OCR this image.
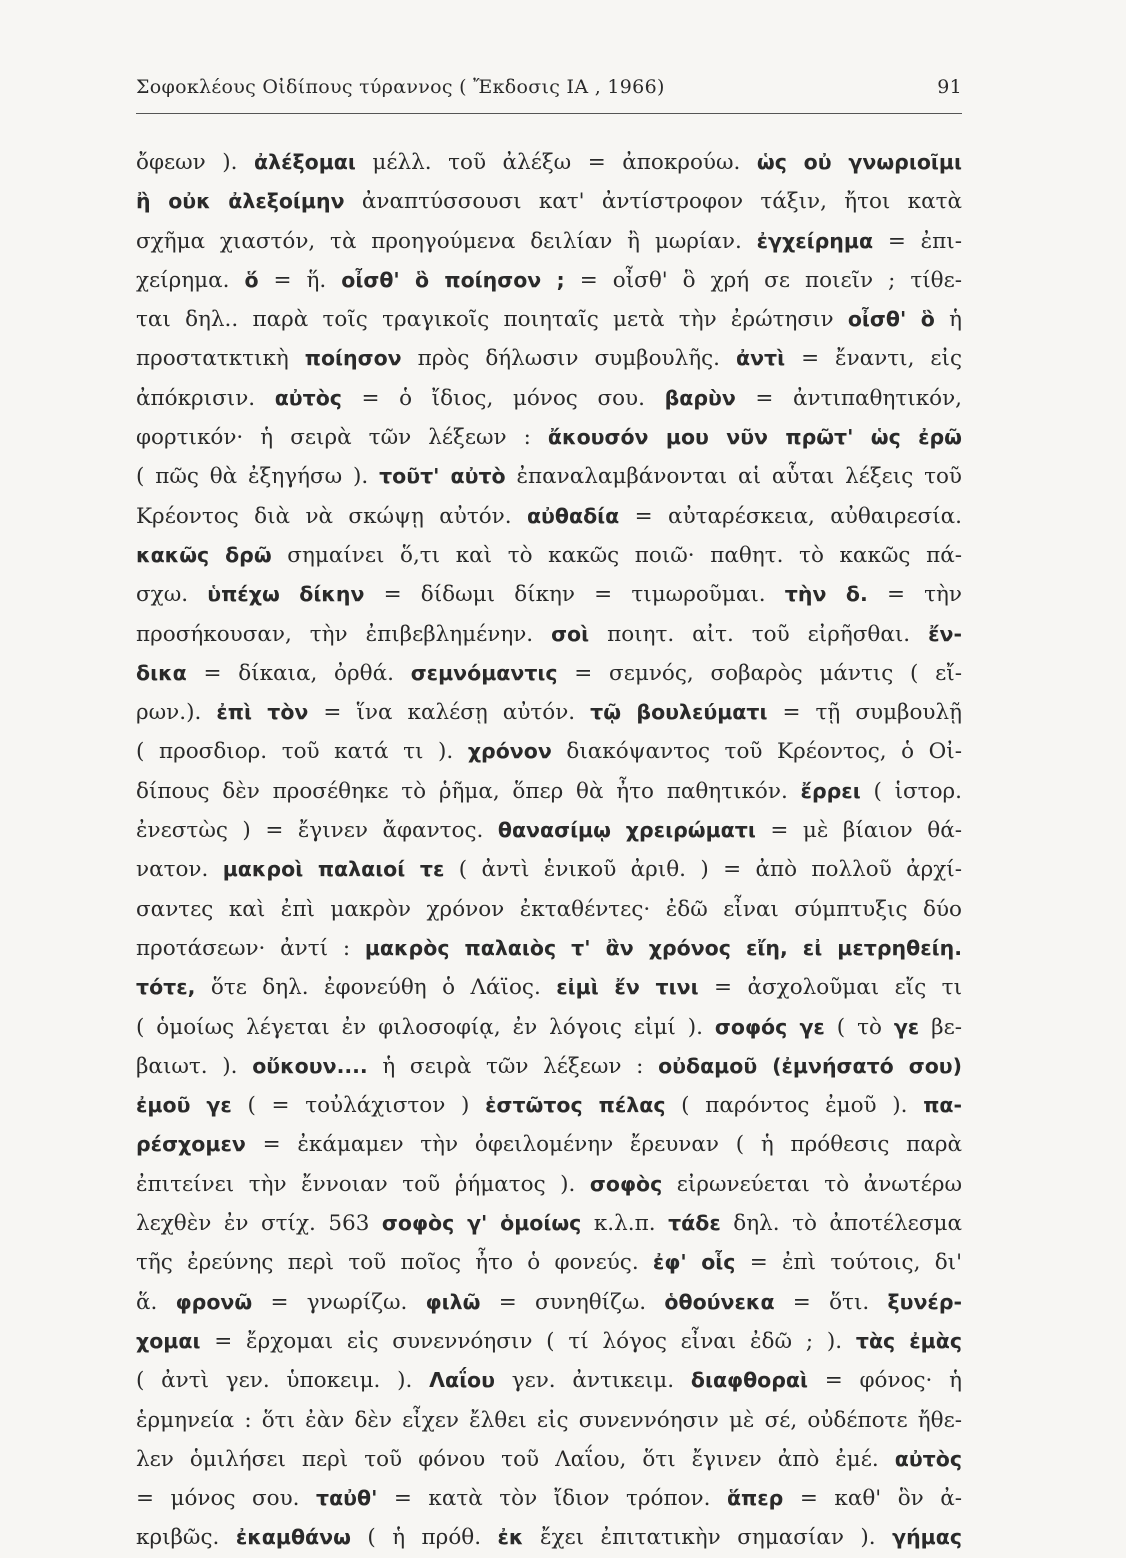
Σοφοκλέους Οἰδίπους τύραννος ( Ἔκδοσις ΙΑ , 1966)	91
ὄφεων ). ἀλέξομαι μέλλ. τοῦ ἀλέξω = ἀποκρούω. ὡς οὐ γνωριοῖμι
ἢ οὐκ ἀλεξοίμην ἀναπτύσσουσι κατ' ἀντίστροφον τάξιν, ἤτοι κατὰ
σχῆμα χιαστόν, τὰ προηγούμενα δειλίαν ἢ μωρίαν. ἐγχείρημα = ἐπι-
χείρημα. ὅ = ἥ. οἶσθ' ὃ ποίησον ; = οἶσθ' ὃ χρή σε ποιεῖν ; τίθε-
ται δηλ.. παρὰ τοῖς τραγικοῖς ποιηταῖς μετὰ τὴν ἐρώτησιν οἶσθ' ὃ ἡ
προστατκτικὴ ποίησον πρὸς δήλωσιν συμβουλῆς. ἀντὶ = ἔναντι, εἰς
ἀπόκρισιν. αὐτὸς = ὁ ἴδιος, μόνος σου. βαρὺν = ἀντιπαθητικόν,
φορτικόν· ἡ σειρὰ τῶν λέξεων : ἄκουσόν μου νῦν πρῶτ' ὡς ἐρῶ
( πῶς θὰ ἐξηγήσω ). τοῦτ' αὐτὸ ἐπαναλαμβάνονται αἱ αὗται λέξεις τοῦ
Κρέοντος διὰ νὰ σκώψῃ αὐτόν. αὐθαδία = αὐταρέσκεια, αὐθαιρεσία.
κακῶς δρῶ σημαίνει ὅ,τι καὶ τὸ κακῶς ποιῶ· παθητ. τὸ κακῶς πά-
σχω. ὑπέχω δίκην = δίδωμι δίκην = τιμωροῦμαι. τὴν δ. = τὴν
προσήκουσαν, τὴν ἐπιβεβλημένην. σοὶ ποιητ. αἰτ. τοῦ εἰρῆσθαι. ἔν-
δικα = δίκαια, ὀρθά. σεμνόμαντις = σεμνός, σοβαρὸς μάντις ( εἴ-
ρων.). ἐπὶ τὸν = ἵνα καλέσῃ αὐτόν. τῷ βουλεύματι = τῇ συμβουλῇ
( προσδιορ. τοῦ κατά τι ). χρόνον διακόψαντος τοῦ Κρέοντος, ὁ Οἰ-
δίπους δὲν προσέθηκε τὸ ῥῆμα, ὅπερ θὰ ἦτο παθητικόν. ἔρρει ( ἱστορ.
ἐνεστὼς ) = ἔγινεν ἄφαντος. θανασίμῳ χρειρώματι = μὲ βίαιον θά-
νατον. μακροὶ παλαιοί τε ( ἀντὶ ἑνικοῦ ἀριθ. ) = ἀπὸ πολλοῦ ἀρχί-
σαντες καὶ ἐπὶ μακρὸν χρόνον ἐκταθέντες· ἐδῶ εἶναι σύμπτυξις δύο
προτάσεων· ἀντί : μακρὸς παλαιὸς τ' ἂν χρόνος εἴη, εἰ μετρηθείη.
τότε, ὅτε δηλ. ἐφονεύθη ὁ Λάϊος. εἰμὶ ἔν τινι = ἀσχολοῦμαι εἴς τι
( ὁμοίως λέγεται ἐν φιλοσοφίᾳ, ἐν λόγοις εἰμί ). σοφός γε ( τὸ γε βε-
βαιωτ. ). οὔκουν.... ἡ σειρὰ τῶν λέξεων : οὐδαμοῦ (ἐμνήσατό σου)
ἐμοῦ γε ( = τοὐλάχιστον ) ἑστῶτος πέλας ( παρόντος ἐμοῦ ). πα-
ρέσχομεν = ἐκάμαμεν τὴν ὀφειλομένην ἔρευναν ( ἡ πρόθεσις παρὰ
ἐπιτείνει τὴν ἔννοιαν τοῦ ῥήματος ). σοφὸς εἰρωνεύεται τὸ ἀνωτέρω
λεχθὲν ἐν στίχ. 563 σοφὸς γ' ὁμοίως κ.λ.π. τάδε δηλ. τὸ ἀποτέλεσμα
τῆς ἐρεύνης περὶ τοῦ ποῖος ἦτο ὁ φονεύς. ἐφ' οἷς = ἐπὶ τούτοις, δι'
ἅ. φρονῶ = γνωρίζω. φιλῶ = συνηθίζω. ὁθούνεκα = ὅτι. ξυνέρ-
χομαι = ἔρχομαι εἰς συνεννόησιν ( τί λόγος εἶναι ἐδῶ ; ). τὰς ἐμὰς
( ἀντὶ γεν. ὑποκειμ. ). Λαΐου γεν. ἀντικειμ. διαφθοραὶ = φόνος· ἡ
ἑρμηνεία : ὅτι ἐὰν δὲν εἶχεν ἔλθει εἰς συνεννόησιν μὲ σέ, οὐδέποτε ἤθε-
λεν ὁμιλήσει περὶ τοῦ φόνου τοῦ Λαΐου, ὅτι ἔγινεν ἀπὸ ἐμέ. αὐτὸς
= μόνος σου. ταὐθ' = κατὰ τὸν ἴδιον τρόπον. ἅπερ = καθ' ὃν ἀ-
κριβῶς. ἐκαμθάνω ( ἡ πρόθ. ἐκ ἔχει ἐπιτατικὴν σημασίαν ). γήμας
